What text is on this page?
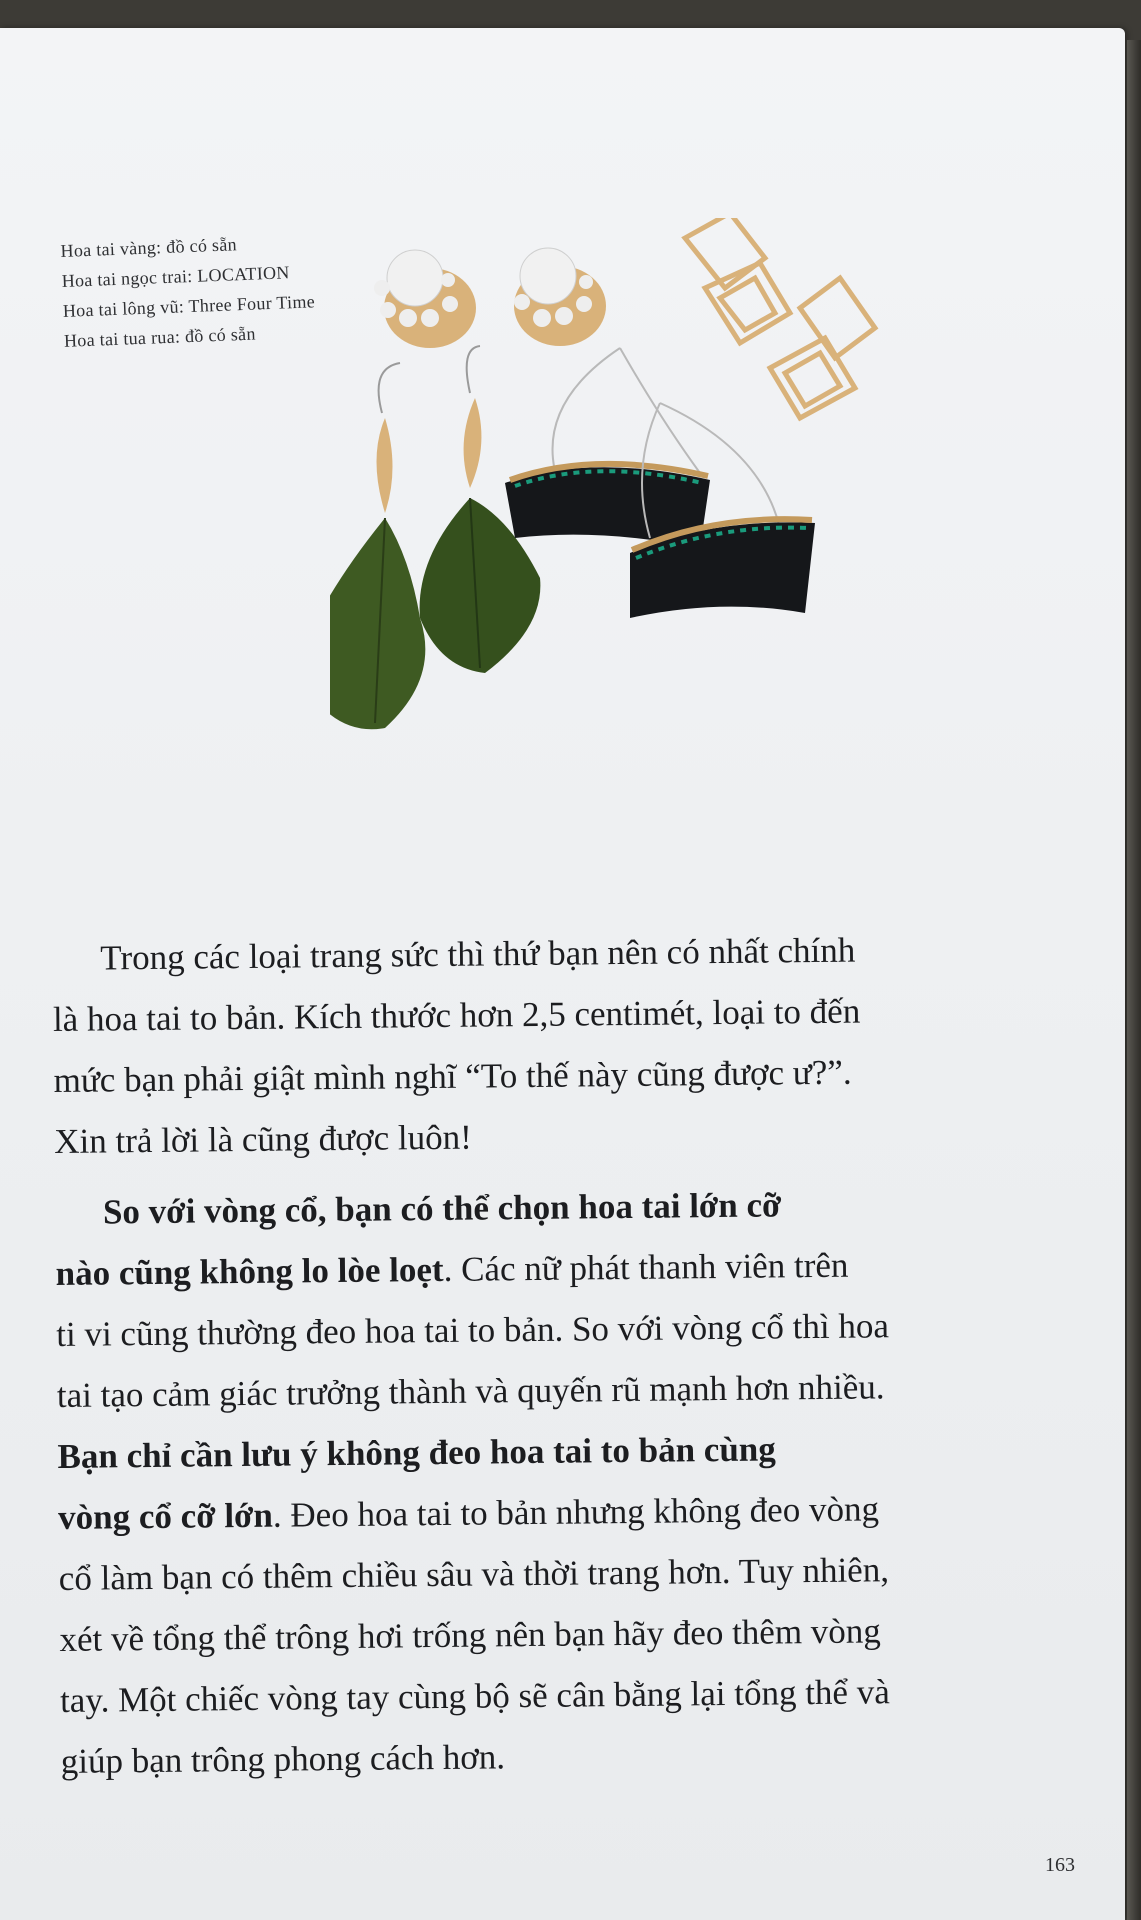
Hoa tai vàng: đồ có sẵn
Hoa tai ngọc trai: LOCATION
Hoa tai lông vũ: Three Four Time
Hoa tai tua rua: đồ có sẵn

Trong các loại trang sức thì thứ bạn nên có nhất chính

là hoa tai to bản. Kích thước hơn 2,5 centimét, loại to đến

mức bạn phải giật mình nghĩ “To thế này cũng được ư?”.

Xin trả lời là cũng được luôn!

So với vòng cổ, bạn có thể chọn hoa tai lớn cỡ

nào cũng không lo lòe loẹt. Các nữ phát thanh viên trên

ti vi cũng thường đeo hoa tai to bản. So với vòng cổ thì hoa

tai tạo cảm giác trưởng thành và quyến rũ mạnh hơn nhiều.

Bạn chỉ cần lưu ý không đeo hoa tai to bản cùng

vòng cổ cỡ lớn. Đeo hoa tai to bản nhưng không đeo vòng

cổ làm bạn có thêm chiều sâu và thời trang hơn. Tuy nhiên,

xét về tổng thể trông hơi trống nên bạn hãy đeo thêm vòng

tay. Một chiếc vòng tay cùng bộ sẽ cân bằng lại tổng thể và

giúp bạn trông phong cách hơn.

163
